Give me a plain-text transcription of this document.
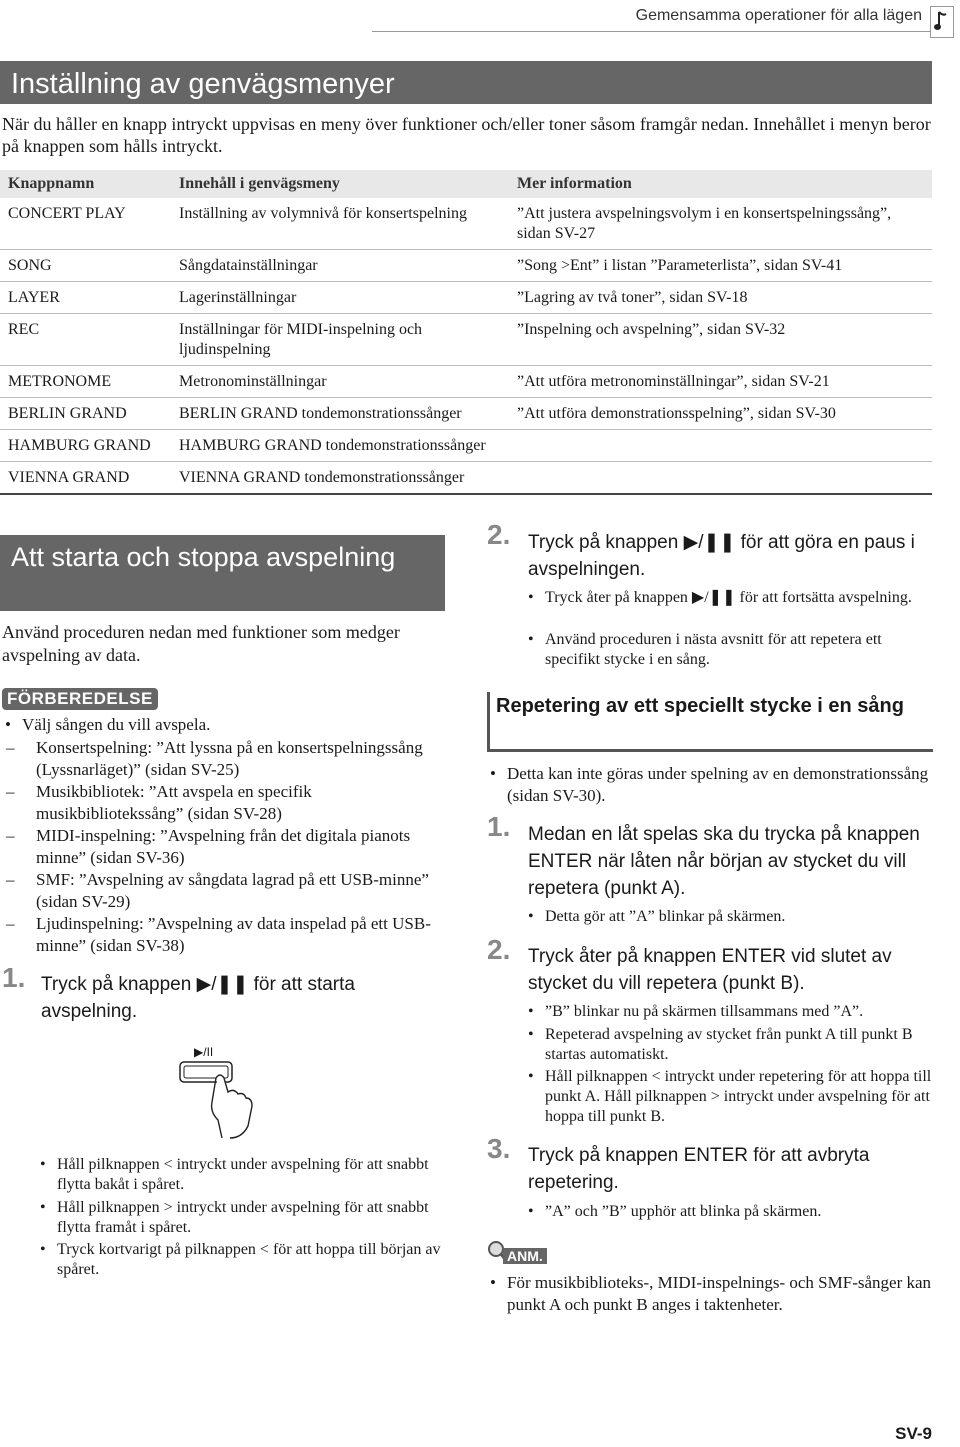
Gemensamma operationer för alla lägen
Inställning av genvägsmenyer
När du håller en knapp intryckt uppvisas en meny över funktioner och/eller toner såsom framgår nedan. Innehållet i menyn beror på knappen som hålls intryckt.
Knappnamn	Innehåll i genvägsmeny	Mer information
CONCERT PLAY	Inställning av volymnivå för konsertspelning	”Att justera avspelningsvolym i en konsertspelningssång”, sidan SV-27
SONG	Sångdatainställningar	”Song >Ent” i listan ”Parameterlista”, sidan SV-41
LAYER	Lagerinställningar	”Lagring av två toner”, sidan SV-18
REC	Inställningar för MIDI-inspelning och ljudinspelning	”Inspelning och avspelning”, sidan SV-32
METRONOME	Metronominställningar	”Att utföra metronominställningar”, sidan SV-21
BERLIN GRAND	BERLIN GRAND tondemonstrationssånger	”Att utföra demonstrationsspelning”, sidan SV-30
HAMBURG GRAND	HAMBURG GRAND tondemonstrationssånger	
VIENNA GRAND	VIENNA GRAND tondemonstrationssånger	
Att starta och stoppa avspelning
Använd proceduren nedan med funktioner som medger avspelning av data.
FÖRBEREDELSE
• Välj sången du vill avspela.
– Konsertspelning: ”Att lyssna på en konsertspelningssång (Lyssnarläget)” (sidan SV-25)
– Musikbibliotek: ”Att avspela en specifik musikbibliotekssång” (sidan SV-28)
– MIDI-inspelning: ”Avspelning från det digitala pianots minne” (sidan SV-36)
– SMF: ”Avspelning av sångdata lagrad på ett USB-minne” (sidan SV-29)
– Ljudinspelning: ”Avspelning av data inspelad på ett USB-minne” (sidan SV-38)
1. Tryck på knappen ▶/❚❚ för att starta avspelning.
▶/II
• Håll pilknappen < intryckt under avspelning för att snabbt flytta bakåt i spåret.
• Håll pilknappen > intryckt under avspelning för att snabbt flytta framåt i spåret.
• Tryck kortvarigt på pilknappen < för att hoppa till början av spåret.
2. Tryck på knappen ▶/❚❚ för att göra en paus i avspelningen.
• Tryck åter på knappen ▶/❚❚ för att fortsätta avspelning.
• Använd proceduren i nästa avsnitt för att repetera ett specifikt stycke i en sång.
Repetering av ett speciellt stycke i en sång
• Detta kan inte göras under spelning av en demonstrationssång (sidan SV-30).
1. Medan en låt spelas ska du trycka på knappen ENTER när låten når början av stycket du vill repetera (punkt A).
• Detta gör att ”A” blinkar på skärmen.
2. Tryck åter på knappen ENTER vid slutet av stycket du vill repetera (punkt B).
• ”B” blinkar nu på skärmen tillsammans med ”A”.
• Repeterad avspelning av stycket från punkt A till punkt B startas automatiskt.
• Håll pilknappen < intryckt under repetering för att hoppa till punkt A. Håll pilknappen > intryckt under avspelning för att hoppa till punkt B.
3. Tryck på knappen ENTER för att avbryta repetering.
• ”A” och ”B” upphör att blinka på skärmen.
ANM.
• För musikbiblioteks-, MIDI-inspelnings- och SMF-sånger kan punkt A och punkt B anges i taktenheter.
SV-9
